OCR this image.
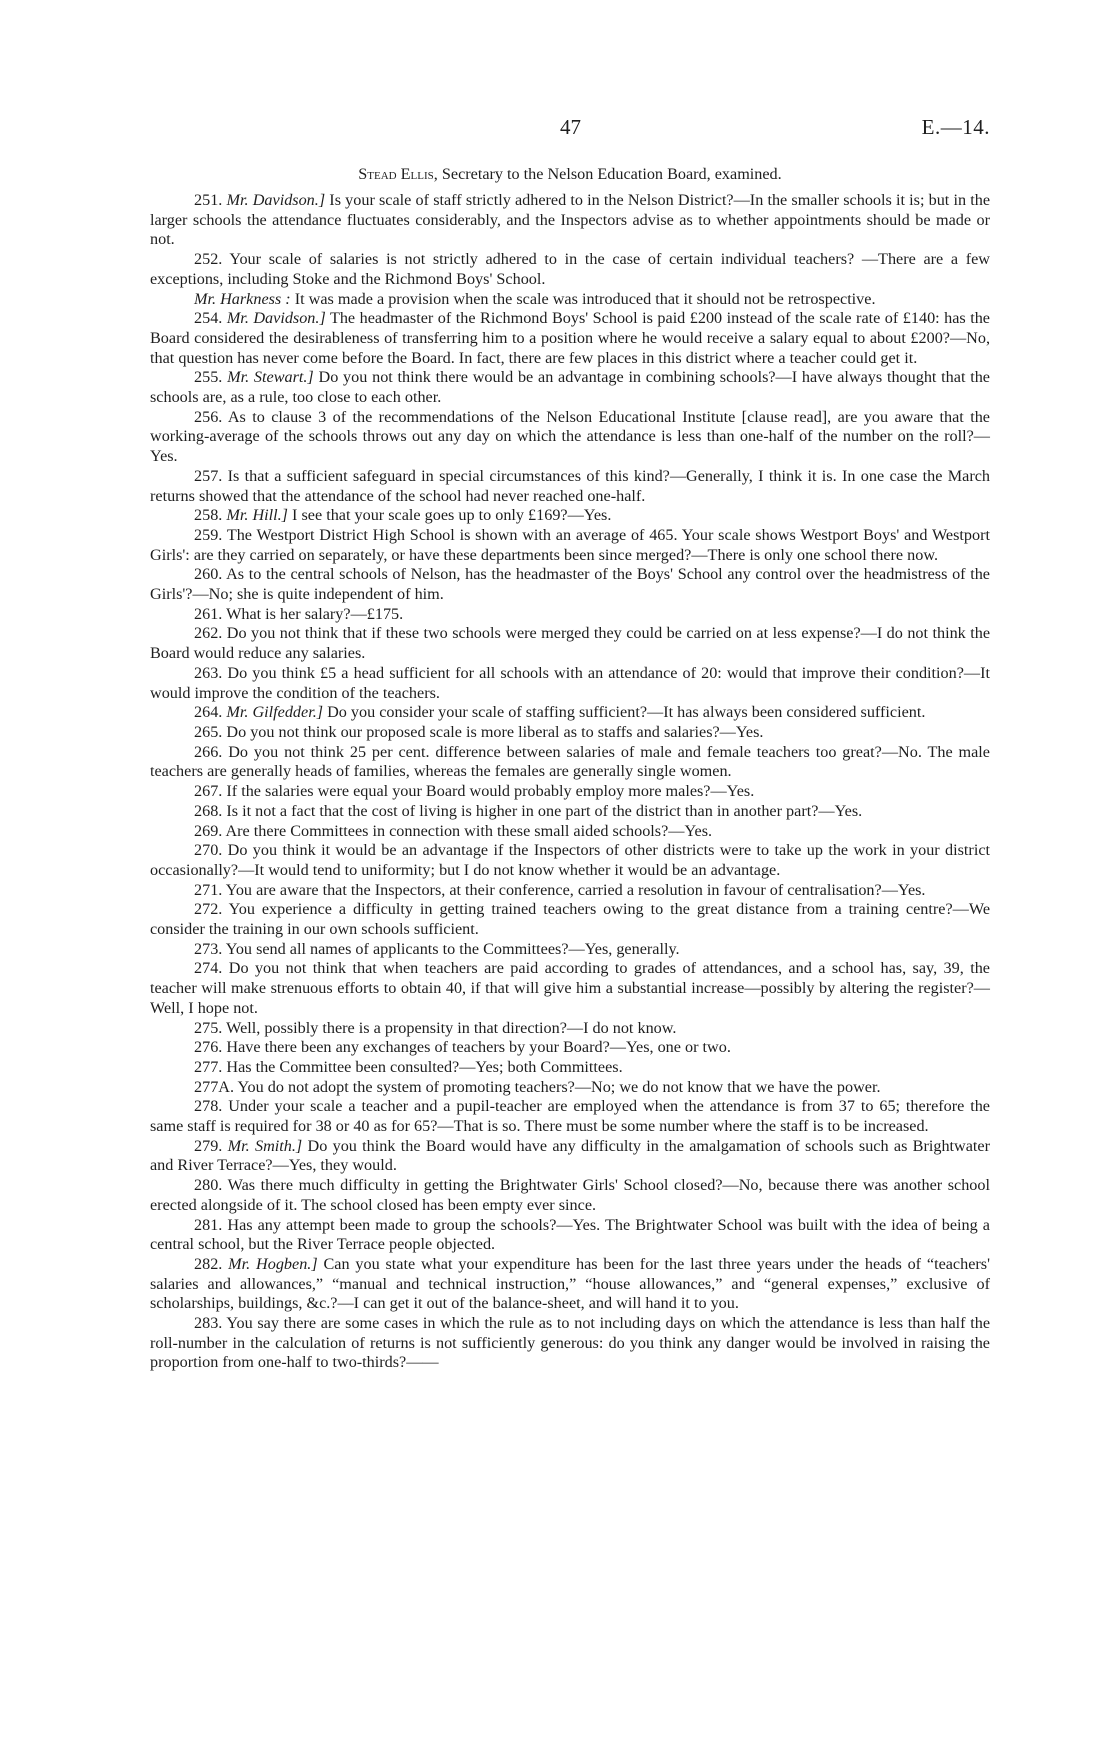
47	E.—14.
Stead Ellis, Secretary to the Nelson Education Board, examined.

251. Mr. Davidson.] Is your scale of staff strictly adhered to in the Nelson District?—In the smaller schools it is; but in the larger schools the attendance fluctuates considerably, and the Inspectors advise as to whether appointments should be made or not.

252. Your scale of salaries is not strictly adhered to in the case of certain individual teachers? —There are a few exceptions, including Stoke and the Richmond Boys' School.

Mr. Harkness : It was made a provision when the scale was introduced that it should not be retrospective.

254. Mr. Davidson.] The headmaster of the Richmond Boys' School is paid £200 instead of the scale rate of £140: has the Board considered the desirableness of transferring him to a position where he would receive a salary equal to about £200?—No, that question has never come before the Board. In fact, there are few places in this district where a teacher could get it.

255. Mr. Stewart.] Do you not think there would be an advantage in combining schools?—I have always thought that the schools are, as a rule, too close to each other.

256. As to clause 3 of the recommendations of the Nelson Educational Institute [clause read], are you aware that the working-average of the schools throws out any day on which the attendance is less than one-half of the number on the roll?—Yes.

257. Is that a sufficient safeguard in special circumstances of this kind?—Generally, I think it is. In one case the March returns showed that the attendance of the school had never reached one-half.

258. Mr. Hill.] I see that your scale goes up to only £169?—Yes.

259. The Westport District High School is shown with an average of 465. Your scale shows Westport Boys' and Westport Girls': are they carried on separately, or have these departments been since merged?—There is only one school there now.

260. As to the central schools of Nelson, has the headmaster of the Boys' School any control over the headmistress of the Girls'?—No; she is quite independent of him.

261. What is her salary?—£175.

262. Do you not think that if these two schools were merged they could be carried on at less expense?—I do not think the Board would reduce any salaries.

263. Do you think £5 a head sufficient for all schools with an attendance of 20: would that improve their condition?—It would improve the condition of the teachers.

264. Mr. Gilfedder.] Do you consider your scale of staffing sufficient?—It has always been considered sufficient.

265. Do you not think our proposed scale is more liberal as to staffs and salaries?—Yes.

266. Do you not think 25 per cent. difference between salaries of male and female teachers too great?—No. The male teachers are generally heads of families, whereas the females are generally single women.

267. If the salaries were equal your Board would probably employ more males?—Yes.

268. Is it not a fact that the cost of living is higher in one part of the district than in another part?—Yes.

269. Are there Committees in connection with these small aided schools?—Yes.

270. Do you think it would be an advantage if the Inspectors of other districts were to take up the work in your district occasionally?—It would tend to uniformity; but I do not know whether it would be an advantage.

271. You are aware that the Inspectors, at their conference, carried a resolution in favour of centralisation?—Yes.

272. You experience a difficulty in getting trained teachers owing to the great distance from a training centre?—We consider the training in our own schools sufficient.

273. You send all names of applicants to the Committees?—Yes, generally.

274. Do you not think that when teachers are paid according to grades of attendances, and a school has, say, 39, the teacher will make strenuous efforts to obtain 40, if that will give him a substantial increase—possibly by altering the register?—Well, I hope not.

275. Well, possibly there is a propensity in that direction?—I do not know.

276. Have there been any exchanges of teachers by your Board?—Yes, one or two.

277. Has the Committee been consulted?—Yes; both Committees.

277A. You do not adopt the system of promoting teachers?—No; we do not know that we have the power.

278. Under your scale a teacher and a pupil-teacher are employed when the attendance is from 37 to 65; therefore the same staff is required for 38 or 40 as for 65?—That is so. There must be some number where the staff is to be increased.

279. Mr. Smith.] Do you think the Board would have any difficulty in the amalgamation of schools such as Brightwater and River Terrace?—Yes, they would.

280. Was there much difficulty in getting the Brightwater Girls' School closed?—No, because there was another school erected alongside of it. The school closed has been empty ever since.

281. Has any attempt been made to group the schools?—Yes. The Brightwater School was built with the idea of being a central school, but the River Terrace people objected.

282. Mr. Hogben.] Can you state what your expenditure has been for the last three years under the heads of “teachers' salaries and allowances,” “manual and technical instruction,” “house allowances,” and “general expenses,” exclusive of scholarships, buildings, &c.?—I can get it out of the balance-sheet, and will hand it to you.

283. You say there are some cases in which the rule as to not including days on which the attendance is less than half the roll-number in the calculation of returns is not sufficiently generous: do you think any danger would be involved in raising the proportion from one-half to two-thirds?——
